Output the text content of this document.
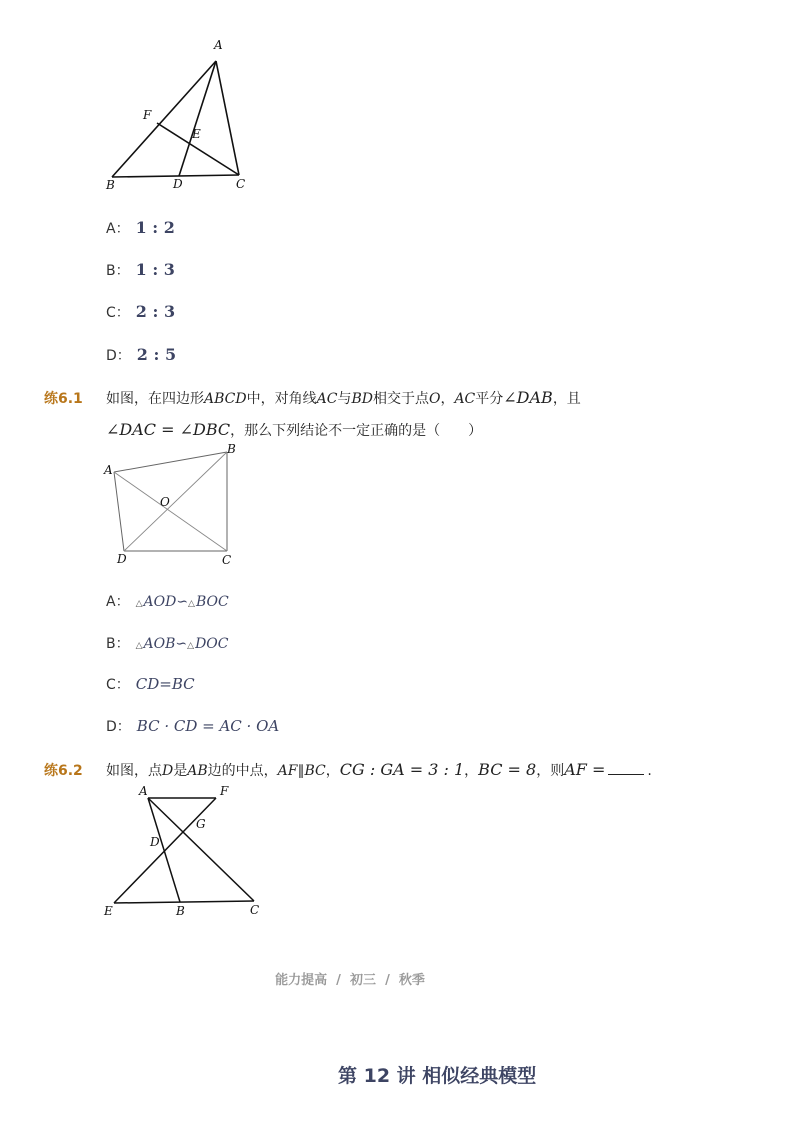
A
B	C
D
E
F
A： 1 : 2
B： 1 : 3
C： 2 : 3
D： 2 : 5
练6.1 如图，在四边形ABCD中，对角线AC与BD相交于点O，AC平分∠DAB，且
∠DAC = ∠DBC，那么下列结论不一定正确的是（　　）
A
B
C
D
O
A： △AOD∽△BOC
B： △AOB∽△DOC
C： CD=BC
D： BC · CD = AC · OA
练6.2 如图，点D是AB边的中点，AF∥BC，CG : GA = 3 : 1，BC = 8，则AF =	.
A	F
G
D
E	B	C
能力提高 / 初三 / 秋季
第 12 讲 相似经典模型
